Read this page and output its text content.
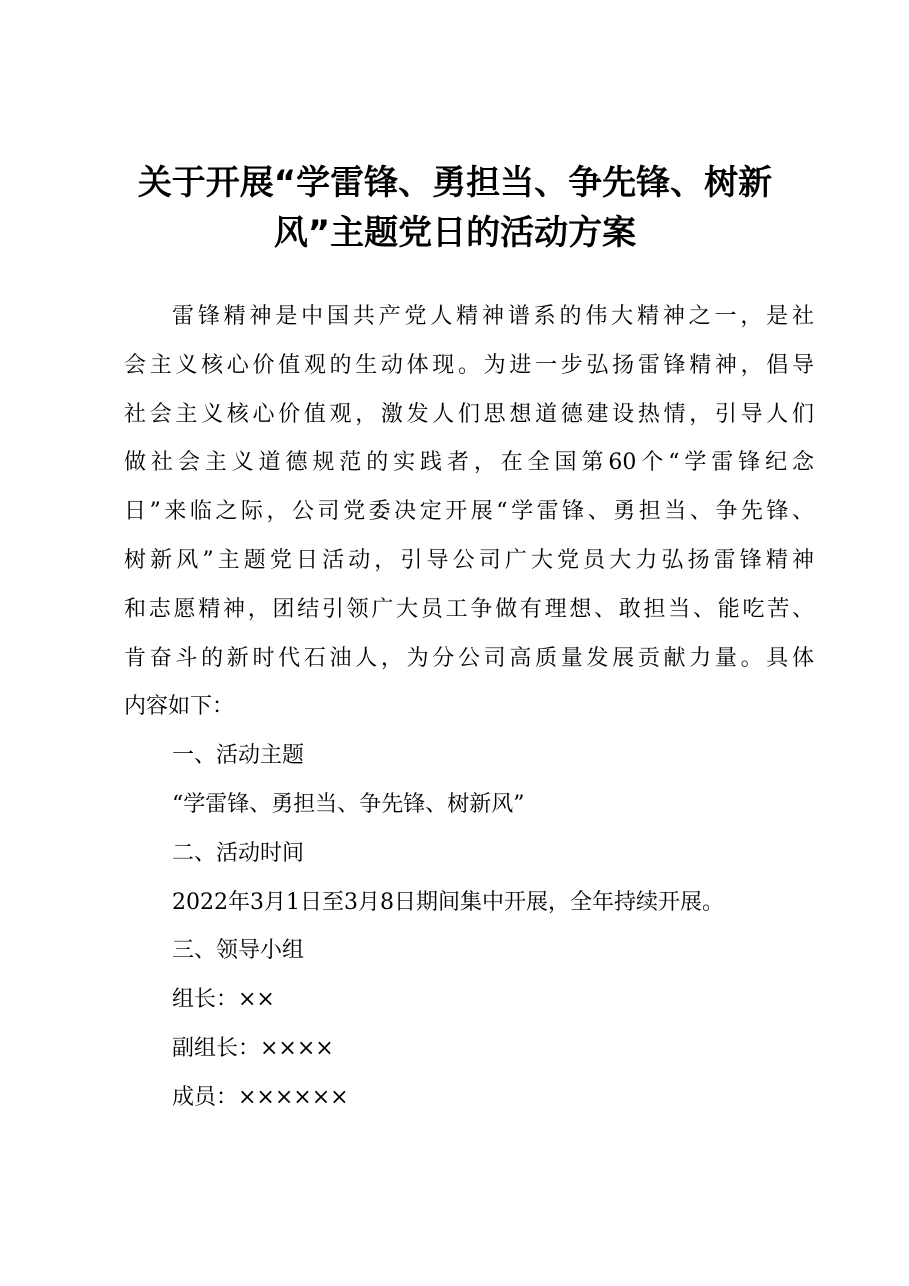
关于开展“学雷锋、勇担当、争先锋、树新
风”主题党日的活动方案
雷锋精神是中国共产党人精神谱系的伟大精神之一，是社
会主义核心价值观的生动体现。为进一步弘扬雷锋精神，倡导
社会主义核心价值观，激发人们思想道德建设热情，引导人们
做社会主义道德规范的实践者，在全国第60个“学雷锋纪念
日”来临之际，公司党委决定开展“学雷锋、勇担当、争先锋、
树新风”主题党日活动，引导公司广大党员大力弘扬雷锋精神
和志愿精神，团结引领广大员工争做有理想、敢担当、能吃苦、
肯奋斗的新时代石油人，为分公司高质量发展贡献力量。具体
内容如下：
一、活动主题
“学雷锋、勇担当、争先锋、树新风”
二、活动时间
2022年3月1日至3月8日期间集中开展，全年持续开展。
三、领导小组
组长：××
副组长：××××
成员：××××××
